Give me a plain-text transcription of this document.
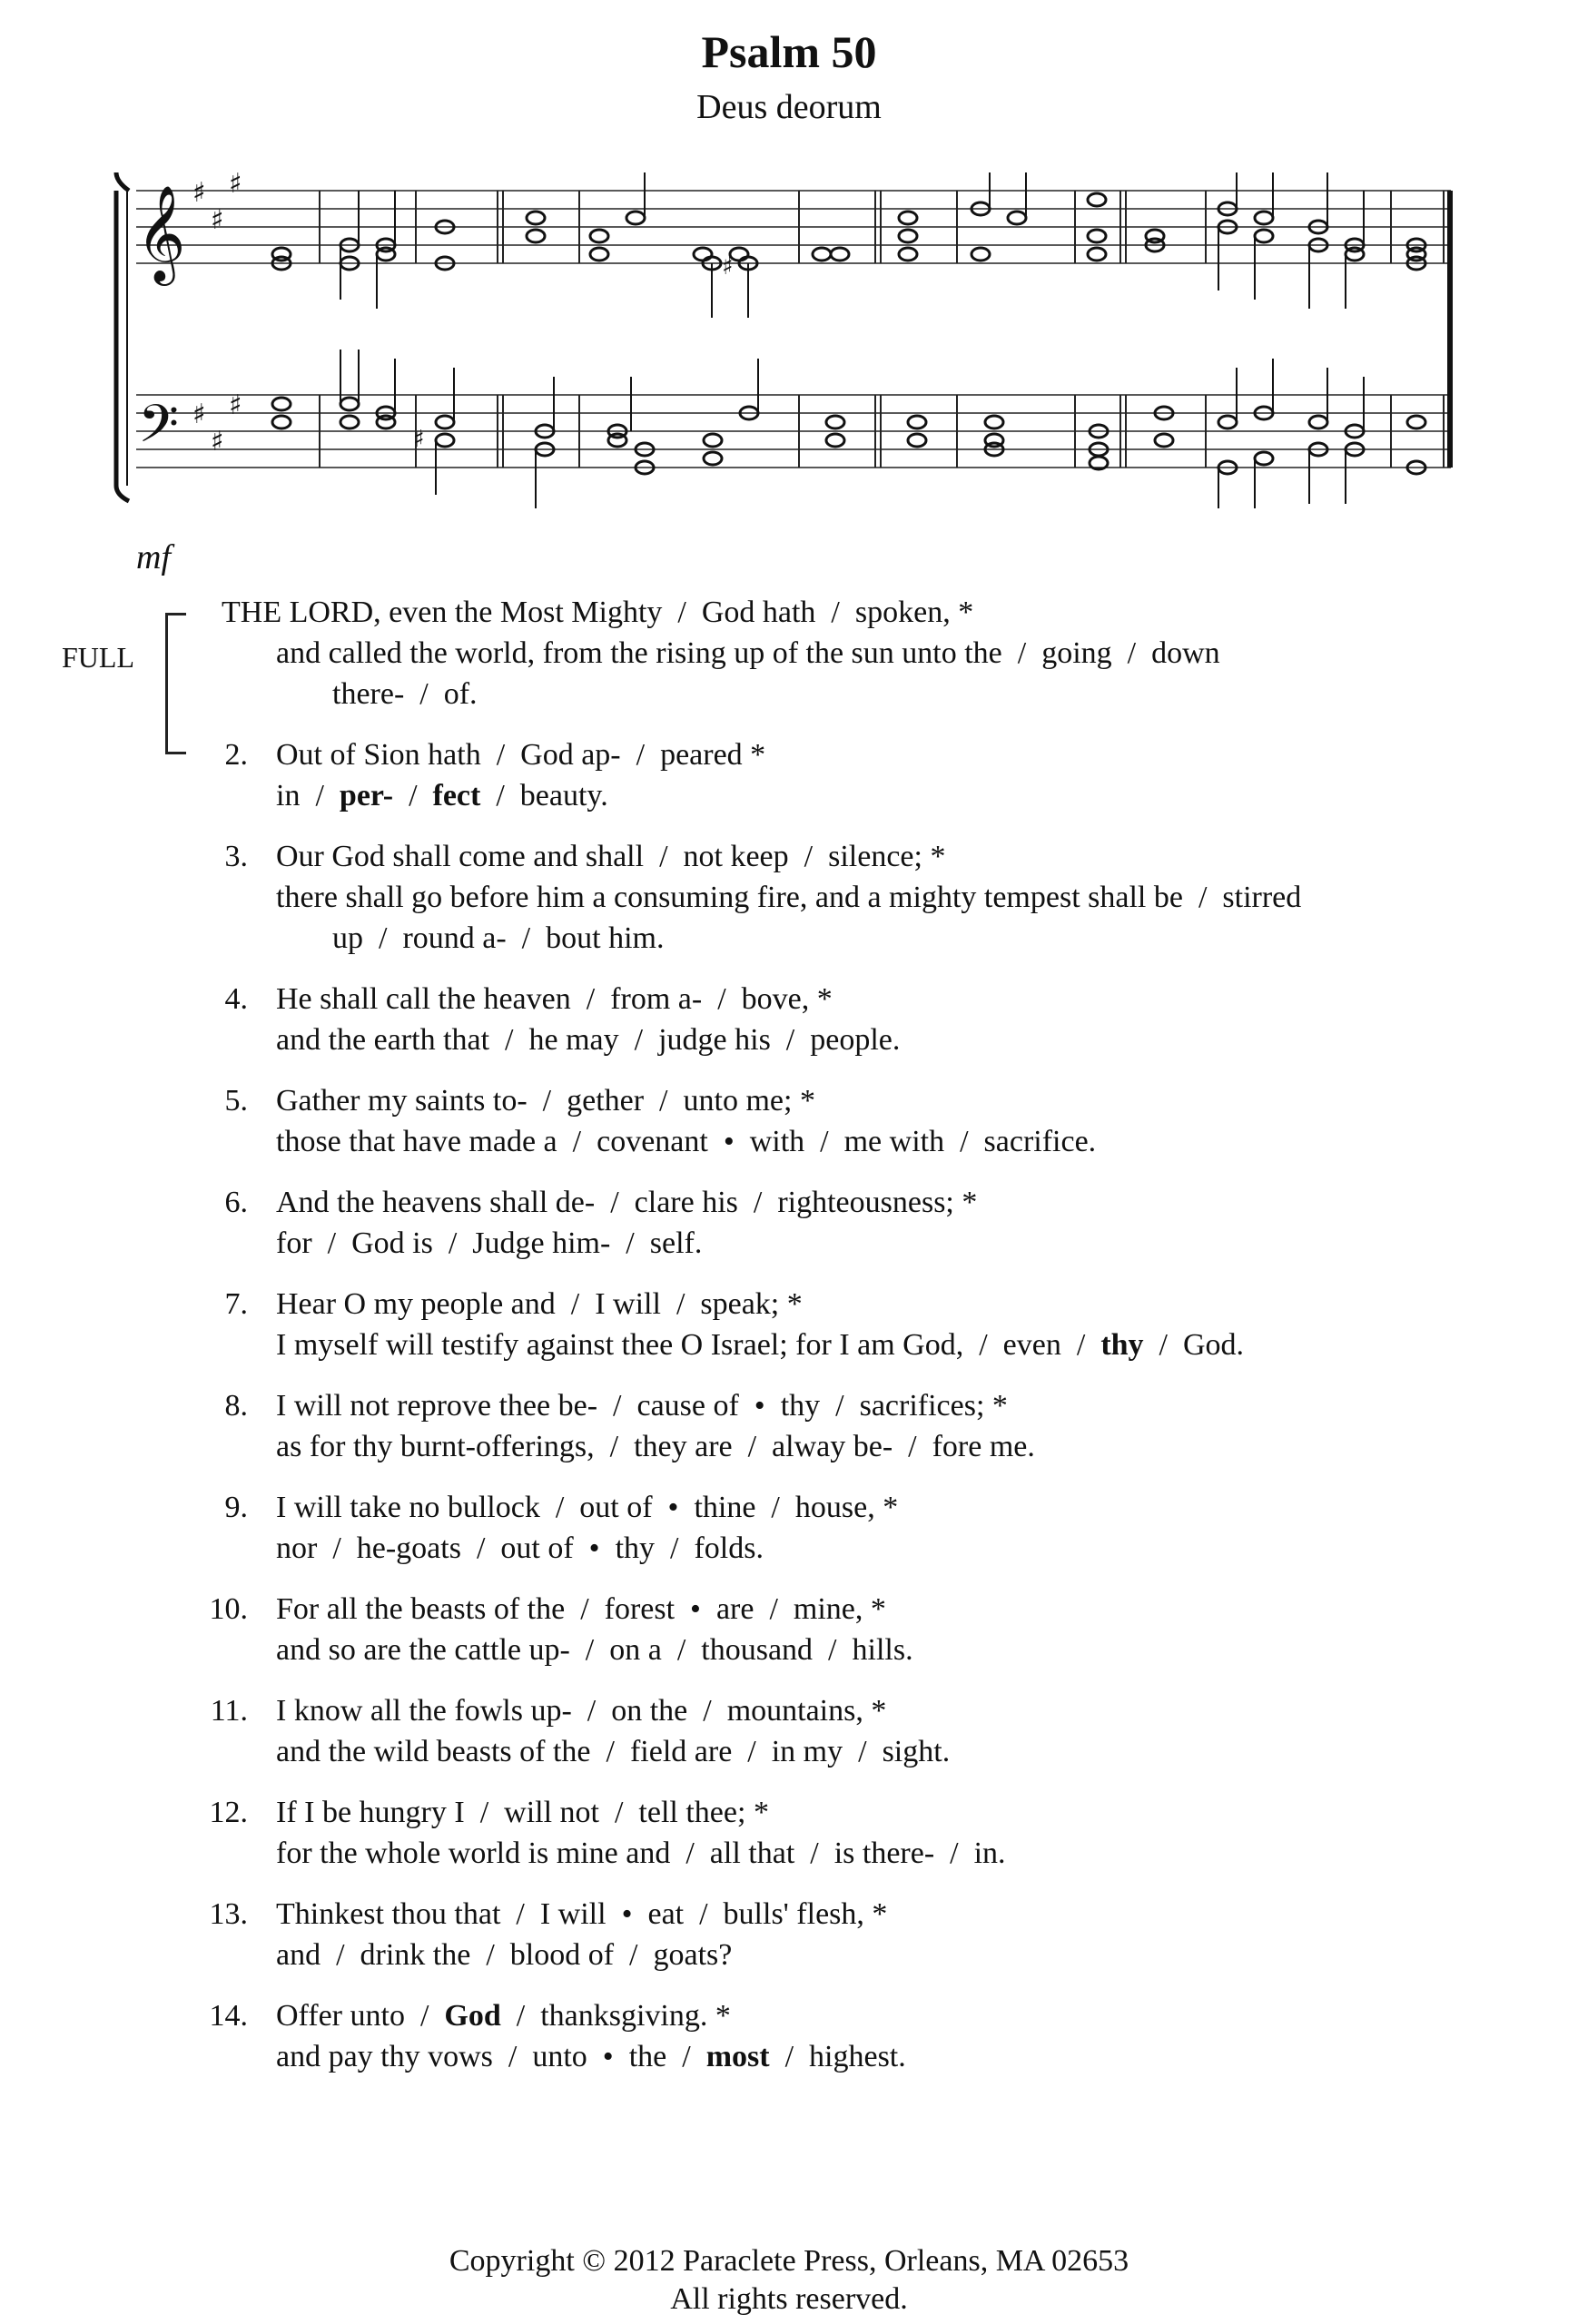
Psalm 50
Deus deorum
𝄞
𝄢
♯
♯
♯
♯
♯
♯
♯
♯
mf
FULL
THE LORD, even the Most Mighty  /  God hath  /  spoken, *
and called the world, from the rising up of the sun unto the  /  going  /  down
there-  /  of.
2. Out of Sion hath  /  God ap-  /  peared *
in  /  per-  /  fect  /  beauty.
3. Our God shall come and shall  /  not keep  /  silence; *
there shall go before him a consuming fire, and a mighty tempest shall be  /  stirred
up  /  round a-  /  bout him.
4. He shall call the heaven  /  from a-  /  bove, *
and the earth that  /  he may  /  judge his  /  people.
5. Gather my saints to-  /  gether  /  unto me; *
those that have made a  /  covenant  •  with  /  me with  /  sacrifice.
6. And the heavens shall de-  /  clare his  /  righteousness; *
for  /  God is  /  Judge him-  /  self.
7. Hear O my people and  /  I will  /  speak; *
I myself will testify against thee O Israel; for I am God,  /  even  /  thy  /  God.
8. I will not reprove thee be-  /  cause of  •  thy  /  sacrifices; *
as for thy burnt-offerings,  /  they are  /  alway be-  /  fore me.
9. I will take no bullock  /  out of  •  thine  /  house, *
nor  /  he-goats  /  out of  •  thy  /  folds.
10. For all the beasts of the  /  forest  •  are  /  mine, *
and so are the cattle up-  /  on a  /  thousand  /  hills.
11. I know all the fowls up-  /  on the  /  mountains, *
and the wild beasts of the  /  field are  /  in my  /  sight.
12. If I be hungry I  /  will not  /  tell thee; *
for the whole world is mine and  /  all that  /  is there-  /  in.
13. Thinkest thou that  /  I will  •  eat  /  bulls' flesh, *
and  /  drink the  /  blood of  /  goats?
14. Offer unto  /  God  /  thanksgiving. *
and pay thy vows  /  unto  •  the  /  most  /  highest.
Copyright © 2012 Paraclete Press, Orleans, MA 02653
All rights reserved.
